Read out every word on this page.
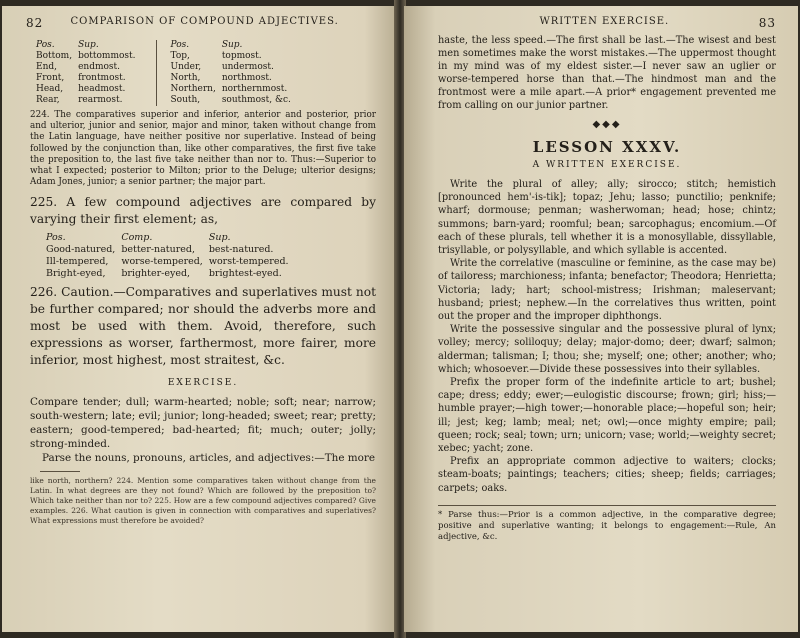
82	COMPARISON OF COMPOUND ADJECTIVES.
Pos.	Sup.
Bottom,	bottommost.
End,	endmost.
Front,	frontmost.
Head,	headmost.
Rear,	rearmost.
Pos.	Sup.
Top,	topmost.
Under,	undermost.
North,	northmost.
Northern,	northernmost.
South,	southmost, &c.

224. The comparatives superior and inferior, anterior and posterior, prior and ulterior, junior and senior, major and minor, taken without change from the Latin language, have neither positive nor superlative. Instead of being followed by the conjunction than, like other comparatives, the first five take the preposition to, the last five take neither than nor to. Thus:—Superior to what I expected; posterior to Milton; prior to the Deluge; ulterior designs; Adam Jones, junior; a senior partner; the major part.

225. A few compound adjectives are compared by varying their first element; as,

Pos.	Comp.	Sup.
Good-natured,	better-natured,	best-natured.
Ill-tempered,	worse-tempered,	worst-tempered.
Bright-eyed,	brighter-eyed,	brightest-eyed.

226. Caution.—Comparatives and superlatives must not be further compared; nor should the adverbs more and most be used with them. Avoid, therefore, such expressions as worser, farthermost, more fairer, more inferior, most highest, most straitest, &c.

EXERCISE.

Compare tender; dull; warm-hearted; noble; soft; near; narrow; south-western; late; evil; junior; long-headed; sweet; rear; pretty; eastern; good-tempered; bad-hearted; fit; much; outer; jolly; strong-minded.

Parse the nouns, pronouns, articles, and adjectives:—The more

like north, northern? 224. Mention some comparatives taken without change from the Latin. In what degrees are they not found? Which are followed by the preposition to? Which take neither than nor to? 225. How are a few compound adjectives compared? Give examples. 226. What caution is given in connection with comparatives and superlatives? What expressions must therefore be avoided?

WRITTEN EXERCISE.	83

haste, the less speed.—The first shall be last.—The wisest and best men sometimes make the worst mistakes.—The uppermost thought in my mind was of my eldest sister.—I never saw an uglier or worse-tempered horse than that.—The hindmost man and the frontmost were a mile apart.—A prior* engagement prevented me from calling on our junior partner.

◆◆◆
LESSON XXXV.
A WRITTEN EXERCISE.

Write the plural of alley; ally; sirocco; stitch; hemistich [pronounced hem'-is-tik]; topaz; Jehu; lasso; punctilio; penknife; wharf; dormouse; penman; washerwoman; head; hose; chintz; summons; barn-yard; roomful; bean; sarcophagus; encomium.—Of each of these plurals, tell whether it is a monosyllable, dissyllable, trisyllable, or polysyllable, and which syllable is accented.

Write the correlative (masculine or feminine, as the case may be) of tailoress; marchioness; infanta; benefactor; Theodora; Henrietta; Victoria; lady; hart; school-mistress; Irishman; maleservant; husband; priest; nephew.—In the correlatives thus written, point out the proper and the improper diphthongs.

Write the possessive singular and the possessive plural of lynx; volley; mercy; soliloquy; delay; major-domo; deer; dwarf; salmon; alderman; talisman; I; thou; she; myself; one; other; another; who; which; whosoever.—Divide these possessives into their syllables.

Prefix the proper form of the indefinite article to art; bushel; cape; dress; eddy; ewer;—eulogistic discourse; frown; girl; hiss;—humble prayer;—high tower;—honorable place;—hopeful son; heir; ill; jest; keg; lamb; meal; net; owl;—once mighty empire; pail; queen; rock; seal; town; urn; unicorn; vase; world;—weighty secret; xebec; yacht; zone.

Prefix an appropriate common adjective to waiters; clocks; steam-boats; paintings; teachers; cities; sheep; fields; carriages; carpets; oaks.

* Parse thus:—Prior is a common adjective, in the comparative degree; positive and superlative wanting; it belongs to engagement:—Rule, An adjective, &c.
